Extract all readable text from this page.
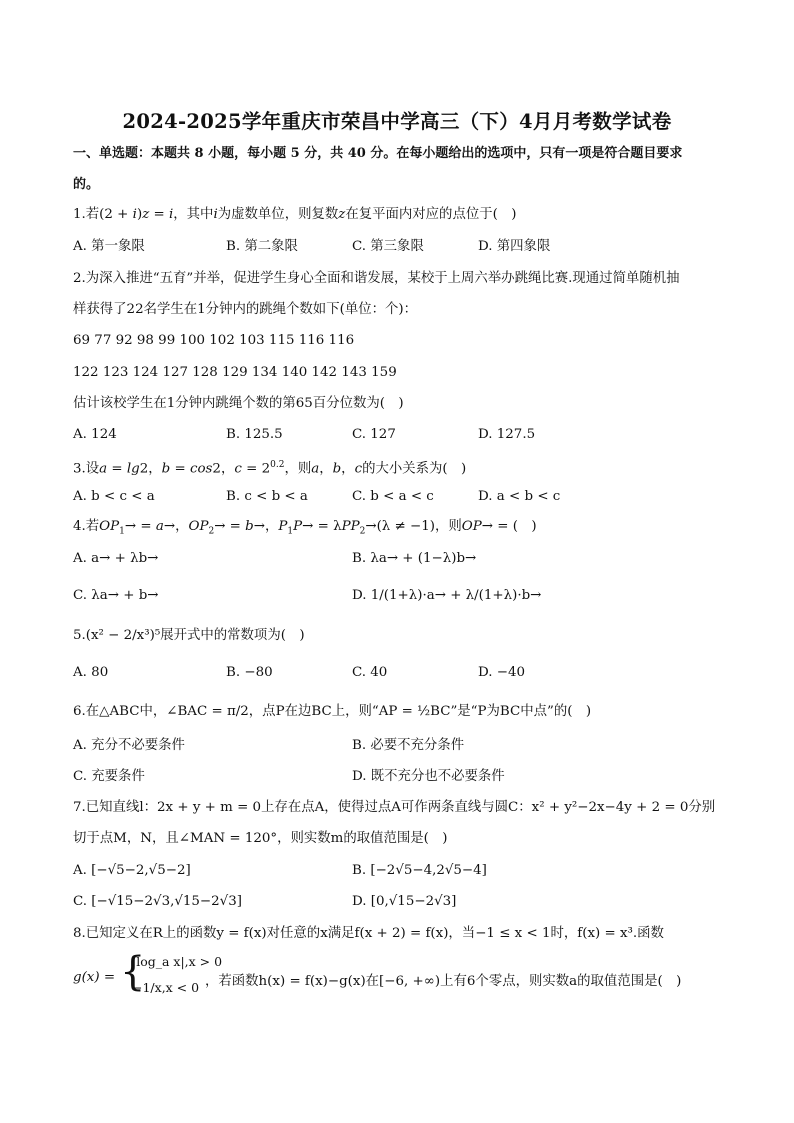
2024-2025学年重庆市荣昌中学高三（下）4月月考数学试卷
一、单选题：本题共 8 小题，每小题 5 分，共 40 分。在每小题给出的选项中，只有一项是符合题目要求
的。
1.若(2 + i)z = i，其中i为虚数单位，则复数z在复平面内对应的点位于(　)
A. 第一象限	B. 第二象限	C. 第三象限	D. 第四象限
2.为深入推进“五育”并举，促进学生身心全面和谐发展，某校于上周六举办跳绳比赛.现通过简单随机抽
样获得了22名学生在1分钟内的跳绳个数如下(单位：个)：
69 77 92 98 99 100 102 103 115 116 116
122 123 124 127 128 129 134 140 142 143 159
估计该校学生在1分钟内跳绳个数的第65百分位数为(　)
A. 124	B. 125.5	C. 127	D. 127.5
3.设a = lg2，b = cos2，$c = 2^{0.2}$，则a，b，c的大小关系为(　)
A. b < c < a	B. c < b < a	C. b < a < c	D. a < b < c
4.若$OP_1\to = a\to$，$OP_2\to = b\to$，$P_1P\to = \lambda PP_2\to(\lambda \ne -1)$，则OP→ = (　)
A. a→ + λb→	B. λa→ + (1−λ)b→
C. λa→ + b→	D. 1/(1+λ)·a→ + λ/(1+λ)·b→
5.(x² − 2/x³)⁵展开式中的常数项为(　)
A. 80	B. −80	C. 40	D. −40
6.在△ABC中，∠BAC = π/2，点P在边BC上，则“AP = ½BC”是“P为BC中点”的(　)
A. 充分不必要条件	B. 必要不充分条件
C. 充要条件	D. 既不充分也不必要条件
7.已知直线l：2x + y + m = 0上存在点A，使得过点A可作两条直线与圆C：x² + y²−2x−4y + 2 = 0分别
切于点M，N，且∠MAN = 120°，则实数m的取值范围是(　)
A. [−√5−2,√5−2]	B. [−2√5−4,2√5−4]
C. [−√15−2√3,√15−2√3]	D. [0,√15−2√3]
8.已知定义在R上的函数y = f(x)对任意的x满足f(x + 2) = f(x)，当−1 ≤ x < 1时，f(x) = x³.函数
g(x) = {
|log_a x|,x > 0
−1/x,x < 0 ，若函数h(x) = f(x)−g(x)在[−6, +∞)上有6个零点，则实数a的取值范围是(　)
